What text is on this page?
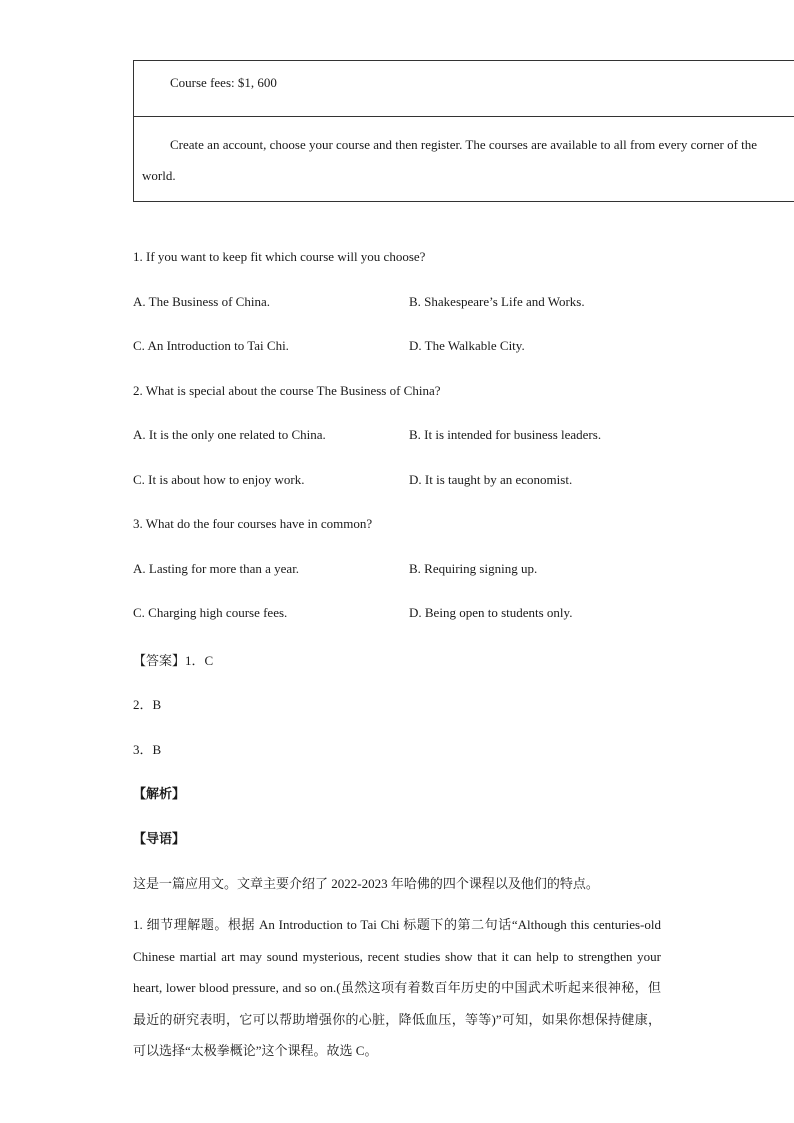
Course fees: $1, 600
Create an account, choose your course and then register. The courses are available to all from every corner of the world.
1. If you want to keep fit which course will you choose?
A. The Business of China.	B. Shakespeare’s Life and Works.
C. An Introduction to Tai Chi.	D. The Walkable City.
2. What is special about the course The Business of China?
A. It is the only one related to China.	B. It is intended for business leaders.
C. It is about how to enjoy work.	D. It is taught by an economist.
3. What do the four courses have in common?
A. Lasting for more than a year.	B. Requiring signing up.
C. Charging high course fees.	D. Being open to students only.
【答案】1．C
2．B
3．B
【解析】
【导语】
这是一篇应用文。文章主要介绍了 2022-2023 年哈佛的四个课程以及他们的特点。
1. 细节理解题。根据 An Introduction to Tai Chi 标题下的第二句话“Although this centuries-old Chinese martial art may sound mysterious, recent studies show that it can help to strengthen your heart, lower blood pressure, and so on.(虽然这项有着数百年历史的中国武术听起来很神秘，但最近的研究表明，它可以帮助增强你的心脏，降低血压，等等)”可知，如果你想保持健康，可以选择“太极拳概论”这个课程。故选 C。
